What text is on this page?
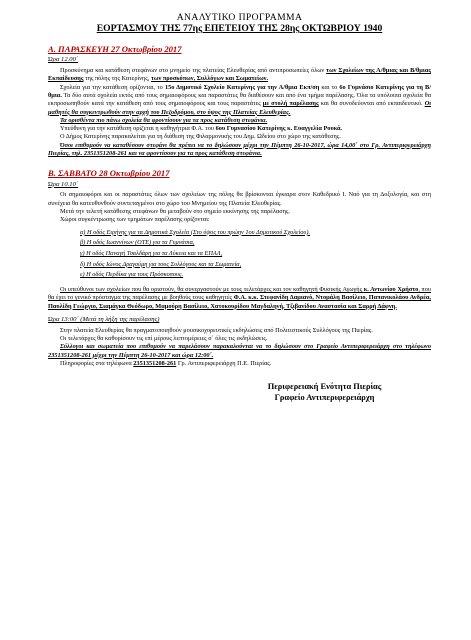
ΑΝΑΛΥΤΙΚΟ ΠΡΟΓΡΑΜΜΑ
ΕΟΡΤΑΣΜΟΥ ΤΗΣ 77ης ΕΠΕΤΕΙΟΥ ΤΗΣ 28ης ΟΚΤΩΒΡΙΟΥ 1940
Α. ΠΑΡΑΣΚΕΥΗ 27 Οκτωβρίου 2017
Ώρα 12.00΄

Προσκύνημα και κατάθεση στεφάνων στο μνημείο της πλατείας Ελευθερίας από αντιπροσωπείες όλων των Σχολείων της Α/θμιας και Β/θμιας Εκπαίδευσης της πόλης της Κατερίνης, των προσκόπων, Συλλόγων και Σωματείων.

Σχολεία για την κατάθεση ορίζονται, το 15ο Δημοτικό Σχολείο Κατερίνης για την Α/θμια Εκπ/ση και το 6ο Γυμνάσιο Κατερίνης για τη Β/θμια. Τα δύο αυτά σχολεία εκτός από τους σημαιοφόρους και παραστάτες θα διαθέσουν και από ένα τμήμα παρέλασης. Όλα τα υπόλοιπα σχολεία θα εκπροσωπηθούν κατά την κατάθεση από τους σημαιοφόρους και τους παραστάτες με στολή παρέλασης και θα συνοδεύονται από εκπαιδευτικό. Οι μαθητές θα συγκεντρωθούν στην αρχή του Πεζοδρόμου, στο ύψος της Πλατείας Ελευθερίας.

Τα ορισθέντα πιο πάνω σχολεία θα φροντίσουν για τα προς κατάθεση στεφάνια.

Υπεύθυνη για την κατάθεση ορίζεται η καθηγήτρια Φ.Α. του 6ου Γυμνασίου Κατερίνης κ. Ευαγγελία Ρουκά.

Ο Δήμος Κατερίνης παρακαλείται για τη διάθεση της Φιλαρμονικής του Δημ. Ωδείου στο χώρο της κατάθεσης.

Όσοι επιθυμούν να καταθέσουν στεφάνι θα πρέπει να το δηλώσουν μέχρι την Πέμπτη 26-10-2017, ώρα 14,00΄ στο Γρ. Αντιπεριφερειάρχη Πιερίας, τηλ. 2351351208-261 και να φροντίσουν για τα προς κατάθεση στεφάνια.

Β. ΣΑΒΒΑΤΟ 28 Οκτωβρίου 2017
Ώρα 10.10΄

Οι σημαιοφόροι και οι παραστάτες όλων των σχολείων της πόλης θα βρίσκονται έγκαιρα στον Καθεδρικό Ι. Ναό για τη Δοξολογία, και στη συνέχεια θα κατευθυνθούν συντεταγμένοι στο χώρο του Μνημείου της Πλατεία Ελευθερίας.

Μετά την τελετή κατάθεσης στεφάνων θα μεταβούν στο σημείο εκκίνησης της παρέλασης.

Χώροι συγκέντρωσης των τμημάτων παρέλασης ορίζονται:

α) Η οδός Ειρήνης για τα Δημοτικά Σχολεία (Στο ύψος του πρώην 1ου Δημοτικού Σχολείου).

β) Η οδός Ιωαννίνων (ΟΤΕ) για τα Γυμνάσια,

γ) Η οδός Παναγή Τσαλδάρη για τα Λύκεια και τα ΕΠΑΛ,

δ) Η οδός Ιώνος Δραγούμη για τους Συλλόγους και τα Σωματεία,

ε) Η οδός Περδίκα για τους Πρόσκοπους.

Οι υπεύθυνοι των σχολείων που θα οριστούν, θα συνεργαστούν με τους τελετάρχες και τον καθηγητή Φυσικής Αγωγής κ. Αντωνίου Χρήστο, που θα έχει το γενικό πρόσταγμα της παρέλασης με βοηθούς τους καθηγητές Φ.Α. κ.κ. Στεφανίδη Δαμιανό, Ντομάλη Βασίλειο, Παπανικολάου Ανδρέα, Παυλίδη Γεώργιο, Σιαμάγκα Θεόδωρο, Μαμούρη Βασίλειο, Χατοκουρίδου Μαγδαληνή, Τζιβανίδου Αναστασία και Σαρρή Δάφνη.

Ώρα 13:00΄ (Μετά τη λήξη της παρέλασης)

Στην πλατεία Ελευθερίας θα πραγματοποιηθούν μουσικοχορευτικές εκδηλώσεις από Πολιτιστικούς Συλλόγους της Πιερίας.

Οι τελετάρχες θα καθορίσουν τις επί μέρους λεπτομέρειες σ΄ όλες τις εκδηλώσεις.

Σύλλογοι και σωματεία που επιθυμούν να παρελάσουν παρακαλούνται να το δηλώσουν στο Γραφείο Αντιπεριφερειάρχη στο τηλέφωνο 2351351208-261 μέχρι την Πέμπτη 26-10-2017 και ώρα 12:00΄.

Πληροφορίες στα τηλέφωνα 2351351208-261 Γρ. Αντιπεριφερειάρχη Π.Ε. Πιερίας.

Περιφερειακή Ενότητα Πιερίας
Γραφείο Αντιπεριφερειάρχη
